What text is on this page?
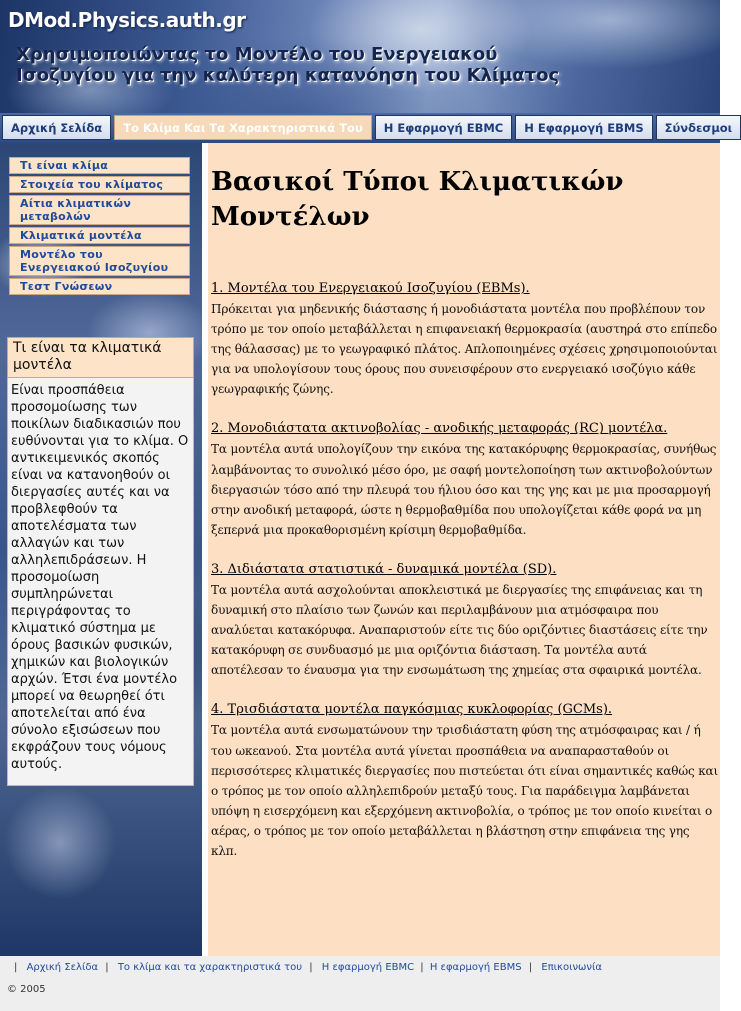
DMod.Physics.auth.gr
Χρησιμοποιώντας το Μοντέλο του Ενεργειακού
Ισοζυγίου για την καλύτερη κατανόηση του Κλίματος
Αρχική Σελίδα	Το Κλίμα Και Τα Χαρακτηριστικά Του	Η Εφαρμογή EBMC	Η Εφαρμογή EBMS	Σύνδεσμοι
Τι είναι κλίμα
Στοιχεία του κλίματος
Αίτια κλιματικών μεταβολών
Κλιματικά μοντέλα
Μοντέλο του Ενεργειακού Ισοζυγίου
Τεστ Γνώσεων
Τι είναι τα κλιματικά μοντέλα
Είναι προσπάθεια προσομοίωσης των ποικίλων διαδικασιών που ευθύνονται για το κλίμα. Ο αντικειμενικός σκοπός είναι να κατανοηθούν οι διεργασίες αυτές και να προβλεφθούν τα αποτελέσματα των αλλαγών και των αλληλεπιδράσεων. Η προσομοίωση συμπληρώνεται περιγράφοντας το κλιματικό σύστημα με όρους βασικών φυσικών, χημικών και βιολογικών αρχών. Έτσι ένα μοντέλο μπορεί να θεωρηθεί ότι αποτελείται από ένα σύνολο εξισώσεων που εκφράζουν τους νόμους αυτούς.
Βασικοί Τύποι Κλιματικών Μοντέλων
1. Μοντέλα του Ενεργειακού Ισοζυγίου (EBMs).

Πρόκειται για μηδενικής διάστασης ή μονοδιάστατα μοντέλα που προβλέπουν τον τρόπο με τον οποίο μεταβάλλεται η επιφανειακή θερμοκρασία (αυστηρά στο επίπεδο της θάλασσας) με το γεωγραφικό πλάτος. Απλοποιημένες σχέσεις χρησιμοποιούνται για να υπολογίσουν τους όρους που συνεισφέρουν στο ενεργειακό ισοζύγιο κάθε γεωγραφικής ζώνης.

2. Μονοδιάστατα ακτινοβολίας - ανοδικής μεταφοράς (RC) μοντέλα.

Τα μοντέλα αυτά υπολογίζουν την εικόνα της κατακόρυφης θερμοκρασίας, συνήθως λαμβάνοντας το συνολικό μέσο όρο, με σαφή μοντελοποίηση των ακτινοβολούντων διεργασιών τόσο από την πλευρά του ήλιου όσο και της γης και με μια προσαρμογή στην ανοδική μεταφορά, ώστε η θερμοβαθμίδα που υπολογίζεται κάθε φορά να μη ξεπερνά μια προκαθορισμένη κρίσιμη θερμοβαθμίδα.

3. Διδιάστατα στατιστικά - δυναμικά μοντέλα (SD).

Τα μοντέλα αυτά ασχολούνται αποκλειστικά με διεργασίες της επιφάνειας και τη δυναμική στο πλαίσιο των ζωνών και περιλαμβάνουν μια ατμόσφαιρα που αναλύεται κατακόρυφα. Αναπαριστούν είτε τις δύο οριζόντιες διαστάσεις είτε την κατακόρυφη σε συνδυασμό με μια οριζόντια διάσταση. Τα μοντέλα αυτά αποτέλεσαν το έναυσμα για την ενσωμάτωση της χημείας στα σφαιρικά μοντέλα.

4. Τρισδιάστατα μοντέλα παγκόσμιας κυκλοφορίας (GCMs).

Τα μοντέλα αυτά ενσωματώνουν την τρισδιάστατη φύση της ατμόσφαιρας και / ή του ωκεανού. Στα μοντέλα αυτά γίνεται προσπάθεια να αναπαρασταθούν οι περισσότερες κλιματικές διεργασίες που πιστεύεται ότι είναι σημαντικές καθώς και ο τρόπος με τον οποίο αλληλεπιδρούν μεταξύ τους. Για παράδειγμα λαμβάνεται υπόψη η εισερχόμενη και εξερχόμενη ακτινοβολία, ο τρόπος με τον οποίο κινείται ο αέρας, ο τρόπος με τον οποίο μεταβάλλεται η βλάστηση στην επιφάνεια της γης κλπ.

| Αρχική Σελίδα | Το κλίμα και τα χαρακτηριστικά του | Η εφαρμογή EBMC | Η εφαρμογή EBMS | Επικοινωνία
© 2005
